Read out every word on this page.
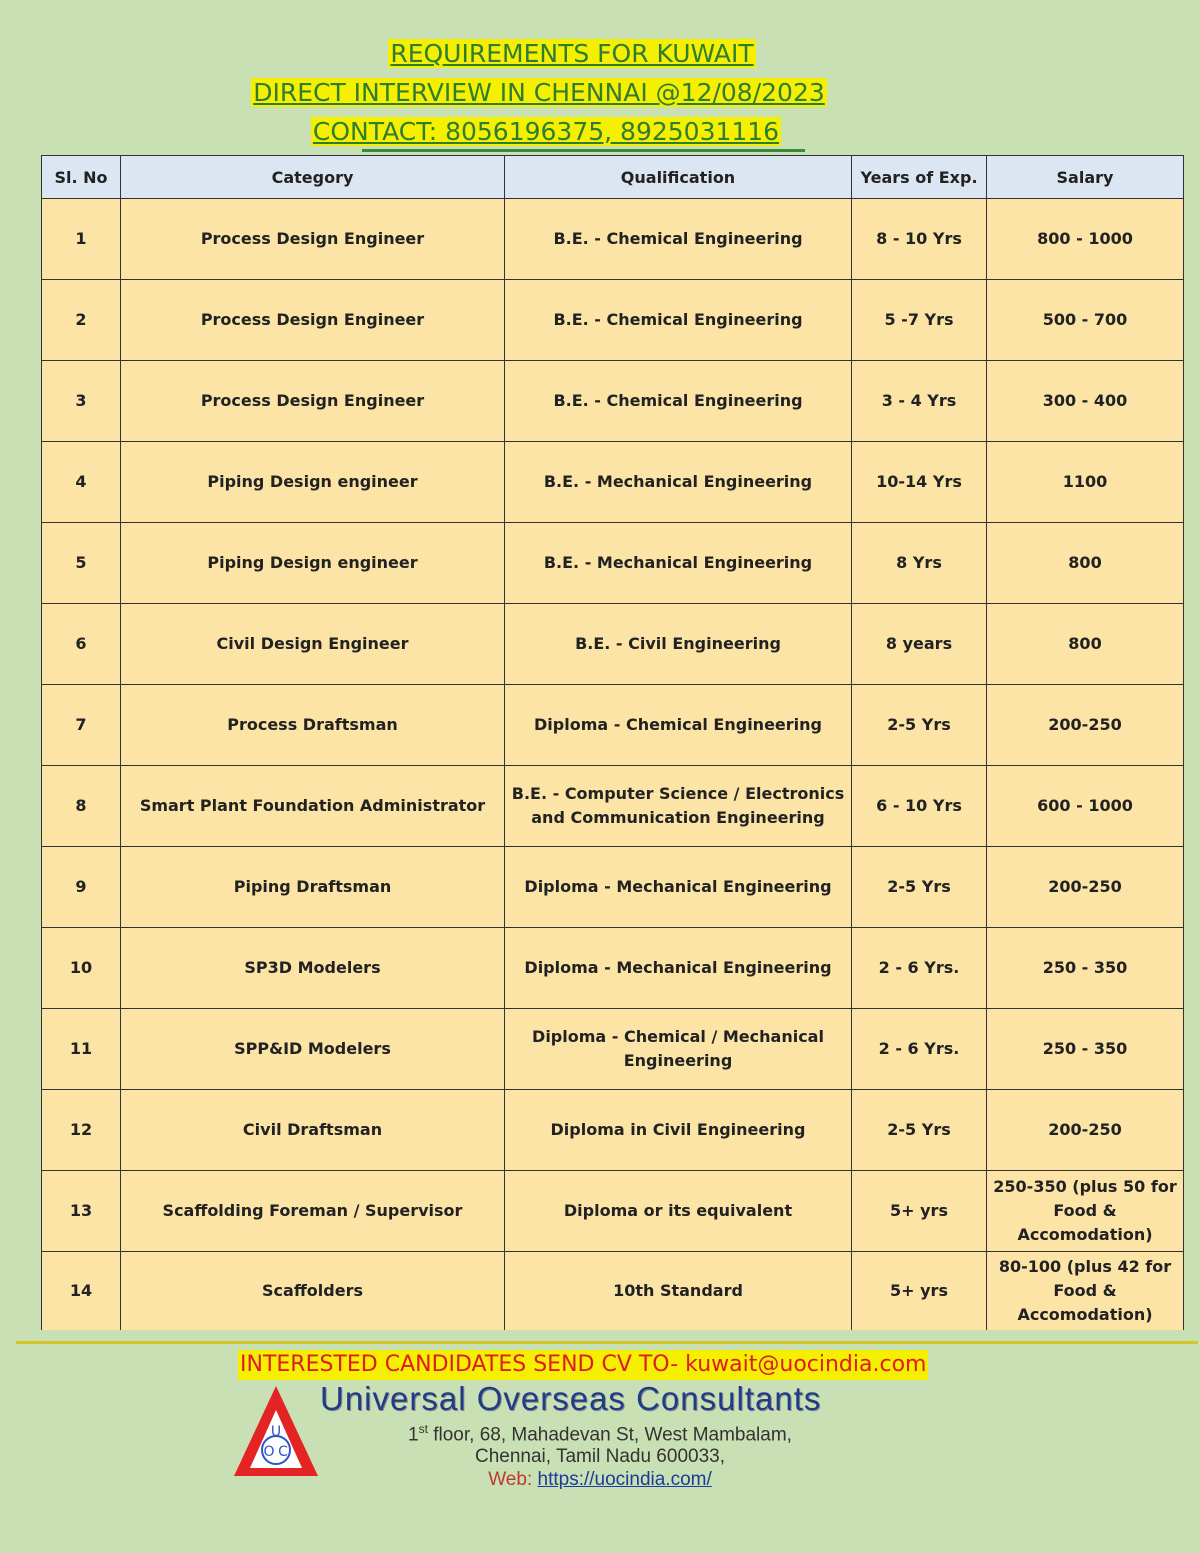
REQUIREMENTS FOR KUWAIT
DIRECT INTERVIEW IN CHENNAI @12/08/2023
CONTACT: 8056196375, 8925031116
Sl. No	Category	Qualification	Years of Exp.	Salary
1	Process Design Engineer	B.E. - Chemical Engineering	8 - 10 Yrs	800 - 1000
2	Process Design Engineer	B.E. - Chemical Engineering	5 -7 Yrs	500 - 700
3	Process Design Engineer	B.E. - Chemical Engineering	3 - 4 Yrs	300 - 400
4	Piping Design engineer	B.E. - Mechanical Engineering	10-14 Yrs	1100
5	Piping Design engineer	B.E. - Mechanical Engineering	8 Yrs	800
6	Civil Design Engineer	B.E. - Civil Engineering	8 years	800
7	Process Draftsman	Diploma - Chemical Engineering	2-5 Yrs	200-250
8	Smart Plant Foundation Administrator	B.E. - Computer Science / Electronics and Communication Engineering	6 - 10 Yrs	600 - 1000
9	Piping Draftsman	Diploma - Mechanical Engineering	2-5 Yrs	200-250
10	SP3D Modelers	Diploma - Mechanical Engineering	2 - 6 Yrs.	250 - 350
11	SPP&ID Modelers	Diploma - Chemical / Mechanical Engineering	2 - 6 Yrs.	250 - 350
12	Civil Draftsman	Diploma in Civil Engineering	2-5 Yrs	200-250
13	Scaffolding Foreman / Supervisor	Diploma or its equivalent	5+ yrs	250-350 (plus 50 for Food & Accomodation)
14	Scaffolders	10th Standard	5+ yrs	80-100 (plus 42 for Food & Accomodation)
INTERESTED CANDIDATES SEND CV TO- kuwait@uocindia.com
U
O C
Universal Overseas Consultants
1st floor, 68, Mahadevan St, West Mambalam,
Chennai, Tamil Nadu 600033,
Web: https://uocindia.com/
